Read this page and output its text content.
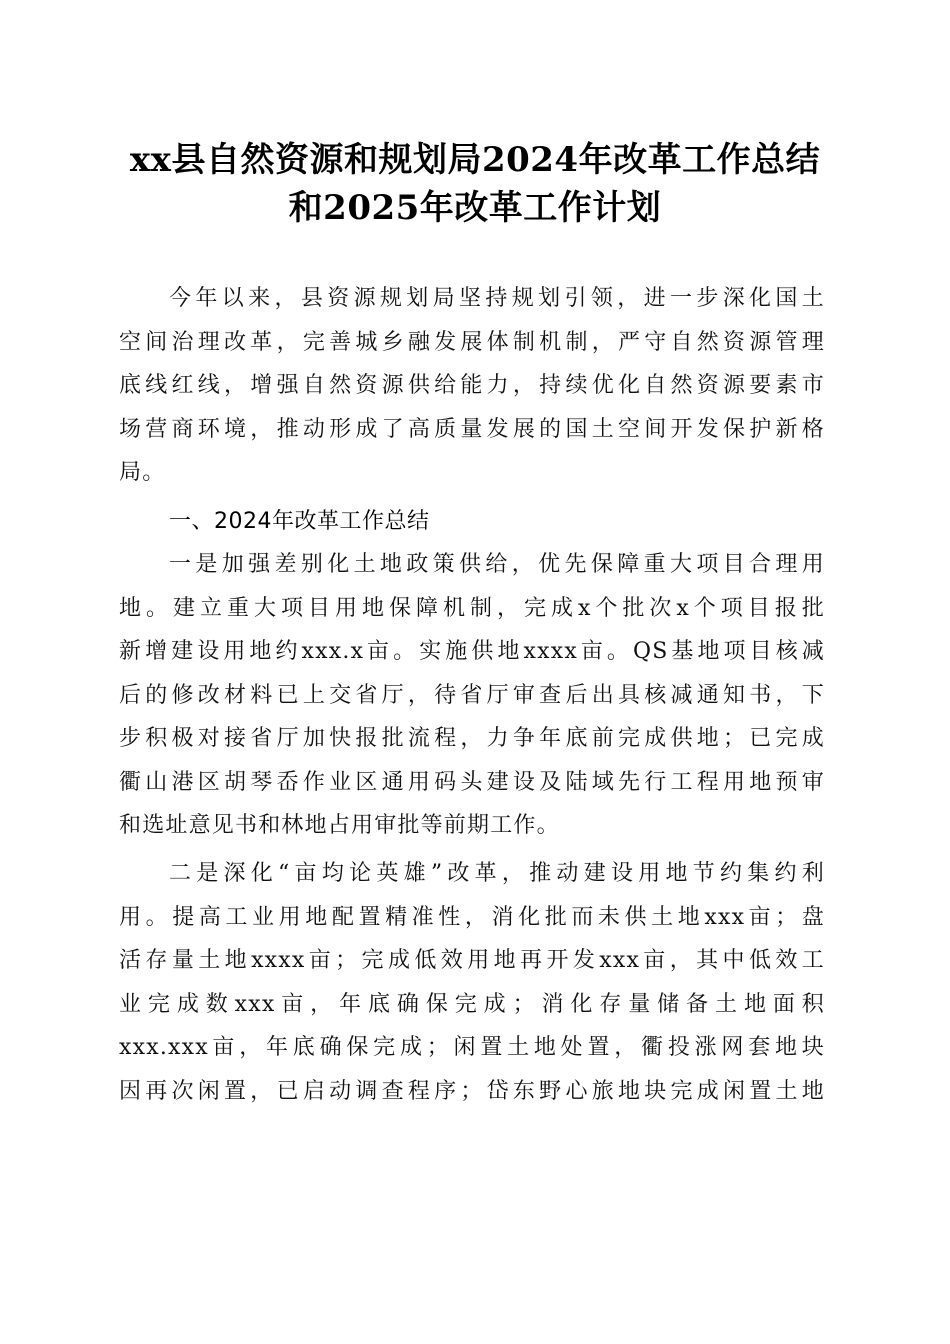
xx县自然资源和规划局2024年改革工作总结
和2025年改革工作计划

今年以来，县资源规划局坚持规划引领，进一步深化国土
空间治理改革，完善城乡融发展体制机制，严守自然资源管理
底线红线，增强自然资源供给能力，持续优化自然资源要素市
场营商环境，推动形成了高质量发展的国土空间开发保护新格
局。

一、2024年改革工作总结

一是加强差别化土地政策供给，优先保障重大项目合理用
地。建立重大项目用地保障机制，完成x个批次x个项目报批
新增建设用地约xxx.x亩。实施供地xxxx亩。QS基地项目核减
后的修改材料已上交省厅，待省厅审查后出具核减通知书，下
步积极对接省厅加快报批流程，力争年底前完成供地；已完成
衢山港区胡琴岙作业区通用码头建设及陆域先行工程用地预审
和选址意见书和林地占用审批等前期工作。

二是深化“亩均论英雄”改革，推动建设用地节约集约利
用。提高工业用地配置精准性，消化批而未供土地xxx亩；盘
活存量土地xxxx亩；完成低效用地再开发xxx亩，其中低效工
业完成数xxx亩，年底确保完成；消化存量储备土地面积
xxx.xxx亩，年底确保完成；闲置土地处置，衢投涨网套地块
因再次闲置，已启动调查程序；岱东野心旅地块完成闲置土地
